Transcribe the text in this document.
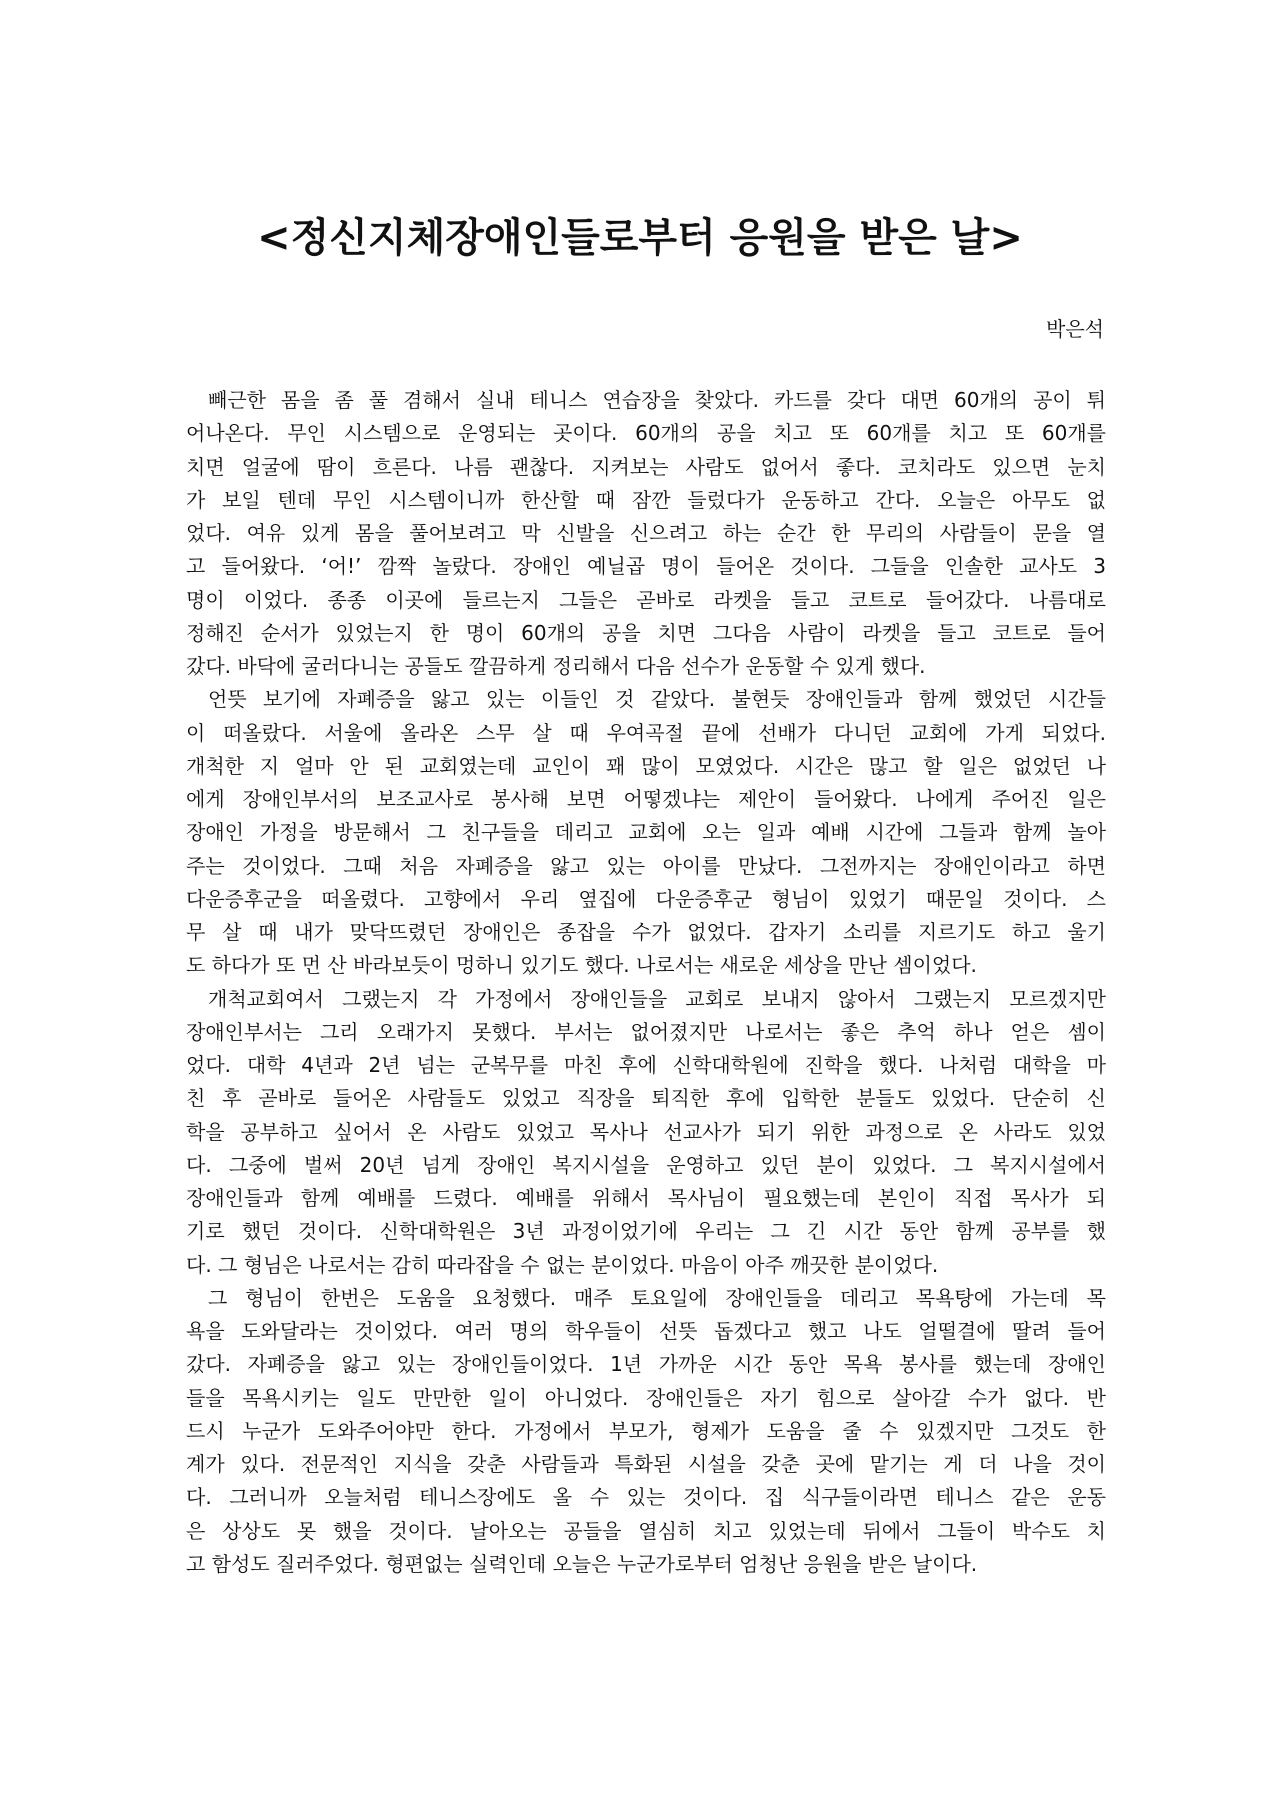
<정신지체장애인들로부터 응원을 받은 날>
박은석
빼근한 몸을 좀 풀 겸해서 실내 테니스 연습장을 찾았다. 카드를 갖다 대면 60개의 공이 튀
어나온다. 무인 시스템으로 운영되는 곳이다. 60개의 공을 치고 또 60개를 치고 또 60개를
치면 얼굴에 땀이 흐른다. 나름 괜찮다. 지켜보는 사람도 없어서 좋다. 코치라도 있으면 눈치
가 보일 텐데 무인 시스템이니까 한산할 때 잠깐 들렀다가 운동하고 간다. 오늘은 아무도 없
었다. 여유 있게 몸을 풀어보려고 막 신발을 신으려고 하는 순간 한 무리의 사람들이 문을 열
고 들어왔다. ‘어!’ 깜짝 놀랐다. 장애인 예닐곱 명이 들어온 것이다. 그들을 인솔한 교사도 3
명이 이었다. 종종 이곳에 들르는지 그들은 곧바로 라켓을 들고 코트로 들어갔다. 나름대로
정해진 순서가 있었는지 한 명이 60개의 공을 치면 그다음 사람이 라켓을 들고 코트로 들어
갔다. 바닥에 굴러다니는 공들도 깔끔하게 정리해서 다음 선수가 운동할 수 있게 했다.
언뜻 보기에 자폐증을 앓고 있는 이들인 것 같았다. 불현듯 장애인들과 함께 했었던 시간들
이 떠올랐다. 서울에 올라온 스무 살 때 우여곡절 끝에 선배가 다니던 교회에 가게 되었다.
개척한 지 얼마 안 된 교회였는데 교인이 꽤 많이 모였었다. 시간은 많고 할 일은 없었던 나
에게 장애인부서의 보조교사로 봉사해 보면 어떻겠냐는 제안이 들어왔다. 나에게 주어진 일은
장애인 가정을 방문해서 그 친구들을 데리고 교회에 오는 일과 예배 시간에 그들과 함께 놀아
주는 것이었다. 그때 처음 자폐증을 앓고 있는 아이를 만났다. 그전까지는 장애인이라고 하면
다운증후군을 떠올렸다. 고향에서 우리 옆집에 다운증후군 형님이 있었기 때문일 것이다. 스
무 살 때 내가 맞닥뜨렸던 장애인은 종잡을 수가 없었다. 갑자기 소리를 지르기도 하고 울기
도 하다가 또 먼 산 바라보듯이 멍하니 있기도 했다. 나로서는 새로운 세상을 만난 셈이었다.
개척교회여서 그랬는지 각 가정에서 장애인들을 교회로 보내지 않아서 그랬는지 모르겠지만
장애인부서는 그리 오래가지 못했다. 부서는 없어졌지만 나로서는 좋은 추억 하나 얻은 셈이
었다. 대학 4년과 2년 넘는 군복무를 마친 후에 신학대학원에 진학을 했다. 나처럼 대학을 마
친 후 곧바로 들어온 사람들도 있었고 직장을 퇴직한 후에 입학한 분들도 있었다. 단순히 신
학을 공부하고 싶어서 온 사람도 있었고 목사나 선교사가 되기 위한 과정으로 온 사라도 있었
다. 그중에 벌써 20년 넘게 장애인 복지시설을 운영하고 있던 분이 있었다. 그 복지시설에서
장애인들과 함께 예배를 드렸다. 예배를 위해서 목사님이 필요했는데 본인이 직접 목사가 되
기로 했던 것이다. 신학대학원은 3년 과정이었기에 우리는 그 긴 시간 동안 함께 공부를 했
다. 그 형님은 나로서는 감히 따라잡을 수 없는 분이었다. 마음이 아주 깨끗한 분이었다.
그 형님이 한번은 도움을 요청했다. 매주 토요일에 장애인들을 데리고 목욕탕에 가는데 목
욕을 도와달라는 것이었다. 여러 명의 학우들이 선뜻 돕겠다고 했고 나도 얼떨결에 딸려 들어
갔다. 자폐증을 앓고 있는 장애인들이었다. 1년 가까운 시간 동안 목욕 봉사를 했는데 장애인
들을 목욕시키는 일도 만만한 일이 아니었다. 장애인들은 자기 힘으로 살아갈 수가 없다. 반
드시 누군가 도와주어야만 한다. 가정에서 부모가, 형제가 도움을 줄 수 있겠지만 그것도 한
계가 있다. 전문적인 지식을 갖춘 사람들과 특화된 시설을 갖춘 곳에 맡기는 게 더 나을 것이
다. 그러니까 오늘처럼 테니스장에도 올 수 있는 것이다. 집 식구들이라면 테니스 같은 운동
은 상상도 못 했을 것이다. 날아오는 공들을 열심히 치고 있었는데 뒤에서 그들이 박수도 치
고 함성도 질러주었다. 형편없는 실력인데 오늘은 누군가로부터 엄청난 응원을 받은 날이다.
